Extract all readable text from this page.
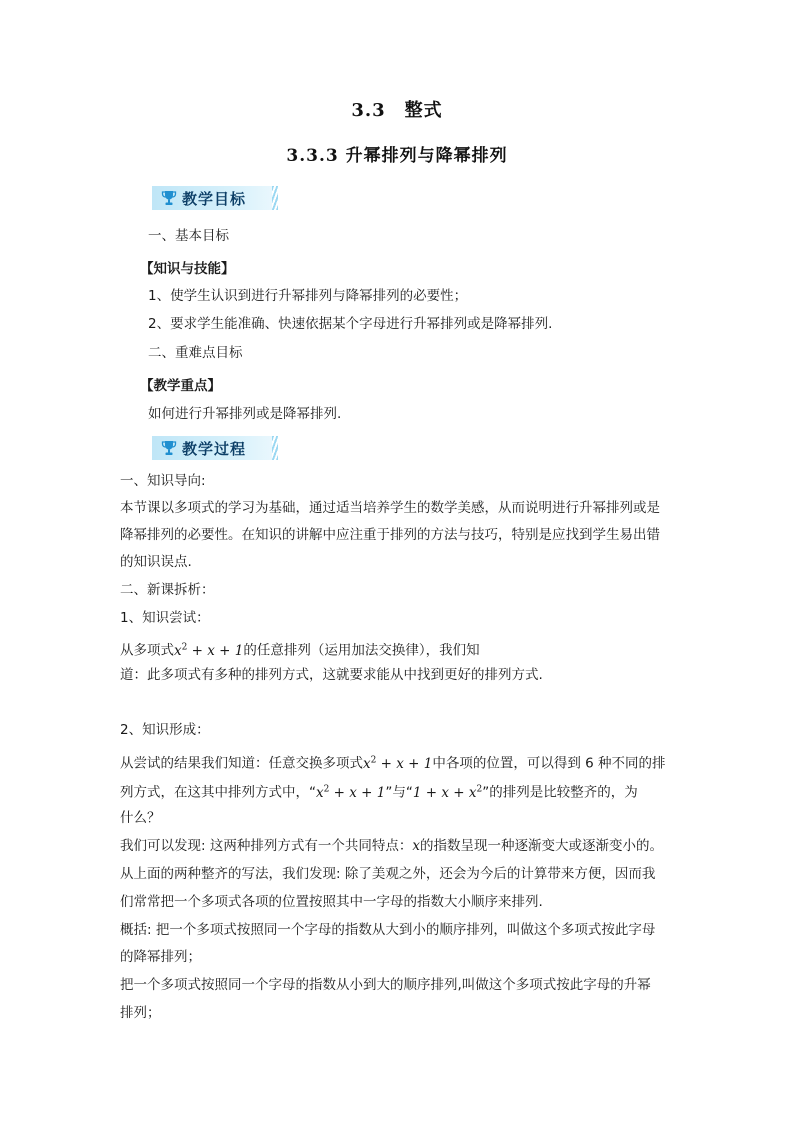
3.3　整式
3.3.3 升幂排列与降幂排列
教学目标
一、基本目标
【知识与技能】
1、使学生认识到进行升幂排列与降幂排列的必要性；
2、要求学生能准确、快速依据某个字母进行升幂排列或是降幂排列.
二、重难点目标
【教学重点】
如何进行升幂排列或是降幂排列.
教学过程
一、知识导向:
本节课以多项式的学习为基础，通过适当培养学生的数学美感，从而说明进行升幂排列或是
降幂排列的必要性。在知识的讲解中应注重于排列的方法与技巧，特别是应找到学生易出错
的知识误点.
二、新课拆析：
1、知识尝试：
从多项式$x^2 + x + 1$的任意排列（运用加法交换律），我们知
道：此多项式有多种的排列方式，这就要求能从中找到更好的排列方式.
2、知识形成：
从尝试的结果我们知道：任意交换多项式$x^2 + x + 1$中各项的位置，可以得到 6 种不同的排
列方式，在这其中排列方式中，“$x^2 + x + 1$”与“$1 + x + x^2$”的排列是比较整齐的，为
什么？
我们可以发现: 这两种排列方式有一个共同特点：x的指数呈现一种逐渐变大或逐渐变小的。
从上面的两种整齐的写法，我们发现: 除了美观之外，还会为今后的计算带来方便，因而我
们常常把一个多项式各项的位置按照其中一字母的指数大小顺序来排列.
概括: 把一个多项式按照同一个字母的指数从大到小的顺序排列，叫做这个多项式按此字母
的降幂排列；
把一个多项式按照同一个字母的指数从小到大的顺序排列,叫做这个多项式按此字母的升幂
排列；
